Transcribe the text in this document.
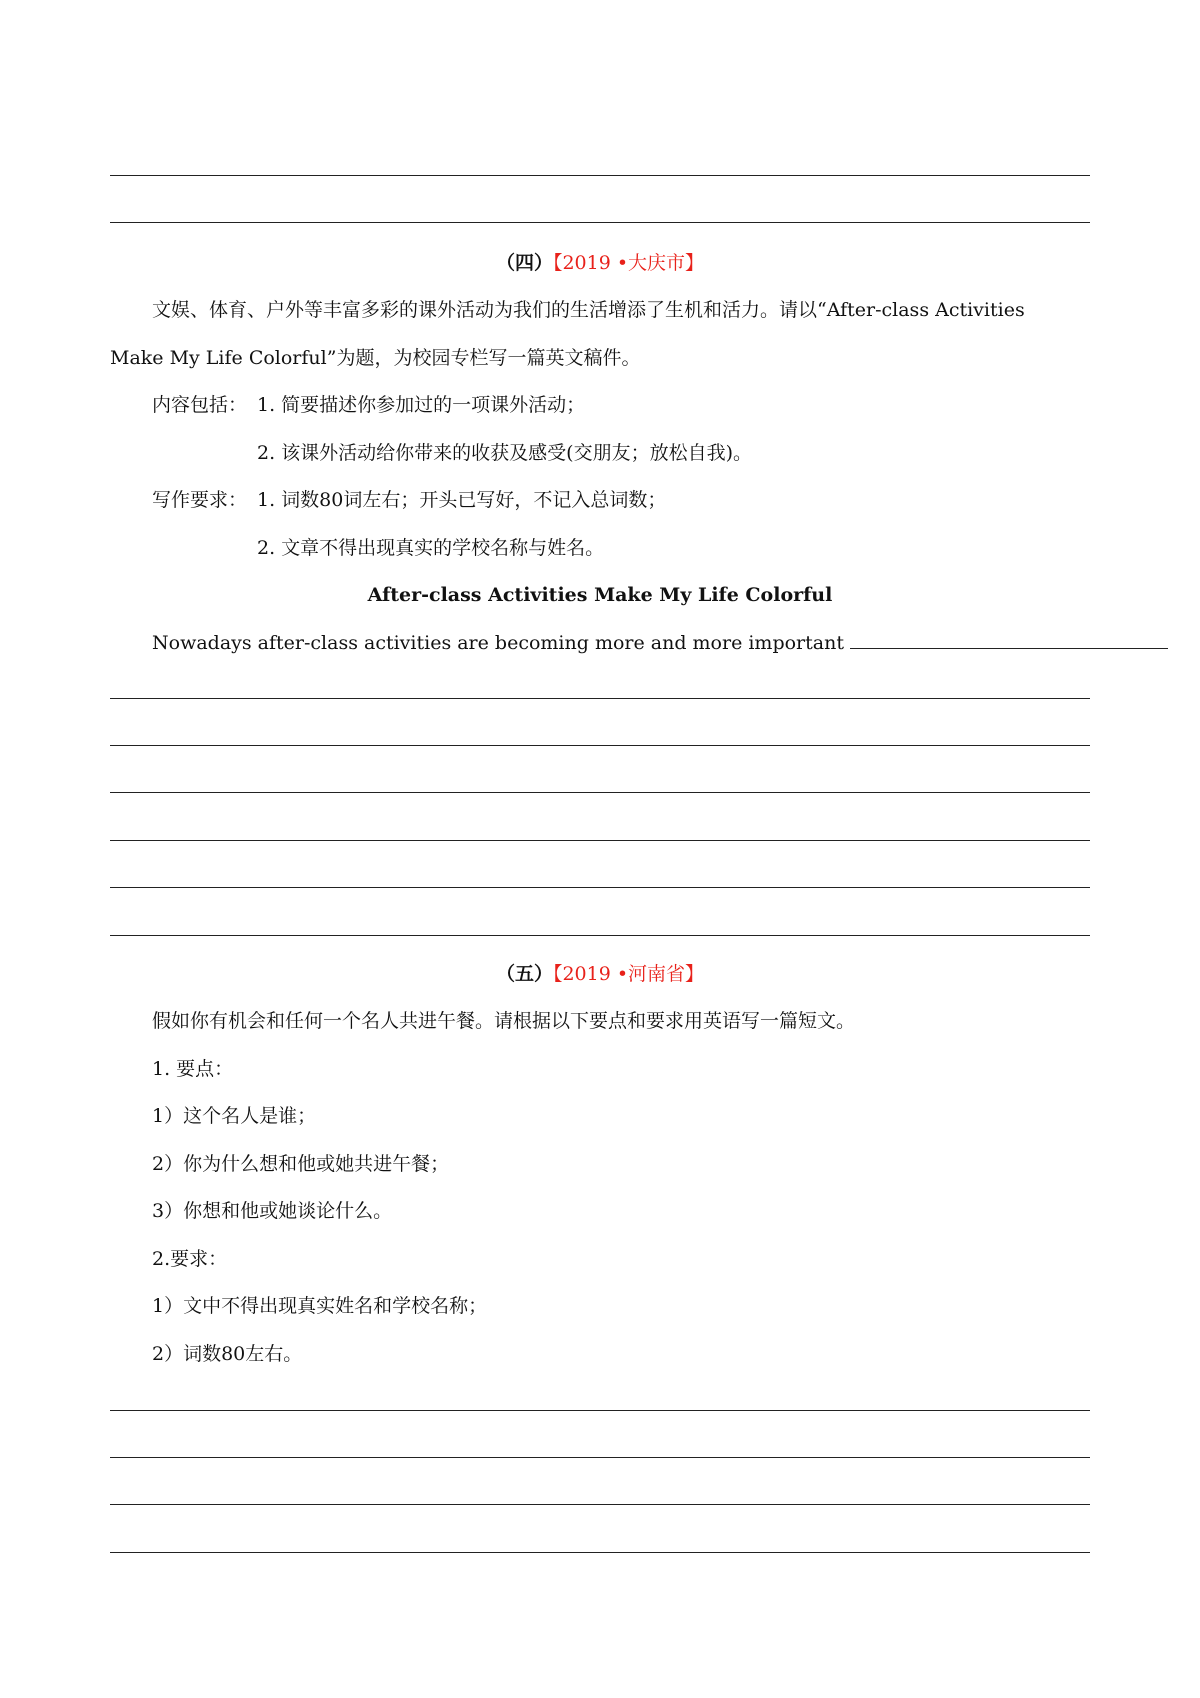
（四）【2019 •大庆市】
文娱、体育、户外等丰富多彩的课外活动为我们的生活增添了生机和活力。请以“After-class Activities
Make My Life Colorful”为题，为校园专栏写一篇英文稿件。
内容包括： 1. 简要描述你参加过的一项课外活动；
2. 该课外活动给你带来的收获及感受(交朋友；放松自我)。
写作要求： 1. 词数80词左右；开头已写好，不记入总词数；
2. 文章不得出现真实的学校名称与姓名。
After-class Activities Make My Life Colorful
Nowadays after-class activities are becoming more and more important
（五）【2019 •河南省】
假如你有机会和任何一个名人共进午餐。请根据以下要点和要求用英语写一篇短文。
1. 要点：
1）这个名人是谁；
2）你为什么想和他或她共进午餐；
3）你想和他或她谈论什么。
2.要求：
1）文中不得出现真实姓名和学校名称；
2）词数80左右。
